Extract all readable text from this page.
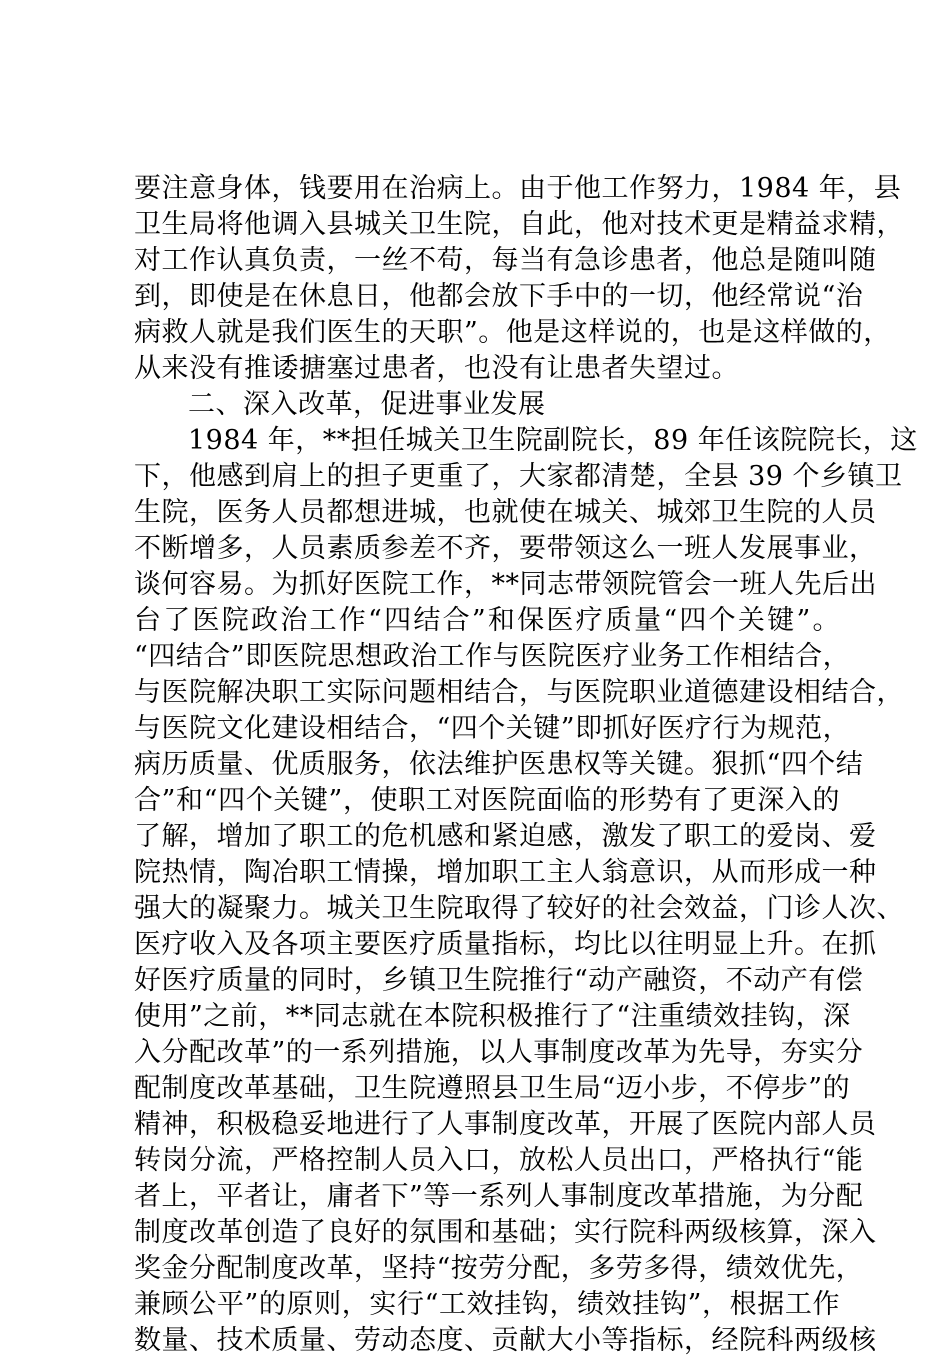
要注意身体，钱要用在治病上。由于他工作努力，1984 年，县
卫生局将他调入县城关卫生院，自此，他对技术更是精益求精，
对工作认真负责，一丝不苟，每当有急诊患者，他总是随叫随
到，即使是在休息日，他都会放下手中的一切，他经常说“治
病救人就是我们医生的天职”。他是这样说的，也是这样做的，
从来没有推诿搪塞过患者，也没有让患者失望过。
二、深入改革，促进事业发展
1984 年，**担任城关卫生院副院长，89 年任该院院长，这
下，他感到肩上的担子更重了，大家都清楚，全县 39 个乡镇卫
生院，医务人员都想进城，也就使在城关、城郊卫生院的人员
不断增多，人员素质参差不齐，要带领这么一班人发展事业，
谈何容易。为抓好医院工作，**同志带领院管会一班人先后出
台了医院政治工作“四结合”和保医疗质量“四个关键”。
“四结合”即医院思想政治工作与医院医疗业务工作相结合，
与医院解决职工实际问题相结合，与医院职业道德建设相结合，
与医院文化建设相结合，“四个关键”即抓好医疗行为规范，
病历质量、优质服务，依法维护医患权等关键。狠抓“四个结
合”和“四个关键”，使职工对医院面临的形势有了更深入的
了解，增加了职工的危机感和紧迫感，激发了职工的爱岗、爱
院热情，陶冶职工情操，增加职工主人翁意识，从而形成一种
强大的凝聚力。城关卫生院取得了较好的社会效益，门诊人次、
医疗收入及各项主要医疗质量指标，均比以往明显上升。在抓
好医疗质量的同时，乡镇卫生院推行“动产融资，不动产有偿
使用”之前，**同志就在本院积极推行了“注重绩效挂钩，深
入分配改革”的一系列措施，以人事制度改革为先导，夯实分
配制度改革基础，卫生院遵照县卫生局“迈小步，不停步”的
精神，积极稳妥地进行了人事制度改革，开展了医院内部人员
转岗分流，严格控制人员入口，放松人员出口，严格执行“能
者上，平者让，庸者下”等一系列人事制度改革措施，为分配
制度改革创造了良好的氛围和基础；实行院科两级核算，深入
奖金分配制度改革，坚持“按劳分配，多劳多得，绩效优先，
兼顾公平”的原则，实行“工效挂钩，绩效挂钩”，根据工作
数量、技术质量、劳动态度、贡献大小等指标，经院科两级核
